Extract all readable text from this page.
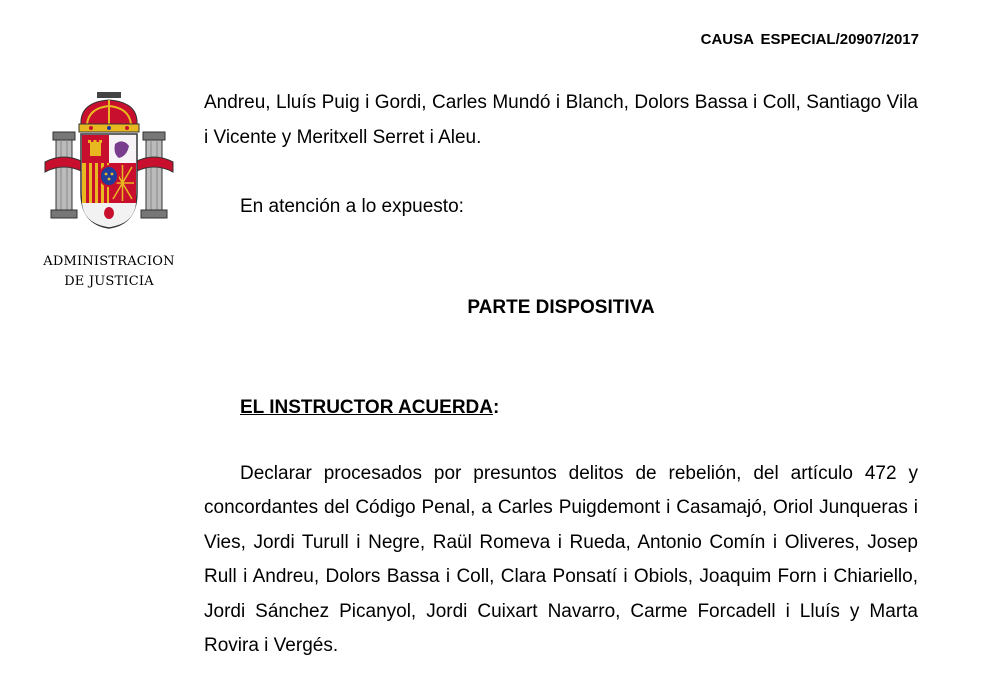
CAUSA ESPECIAL/20907/2017
ADMINISTRACION
DE JUSTICIA

Andreu, Lluís Puig i Gordi, Carles Mundó i Blanch, Dolors Bassa i Coll, Santiago Vila i Vicente y Meritxell Serret i Aleu.

En atención a lo expuesto:

PARTE DISPOSITIVA

EL INSTRUCTOR ACUERDA:

Declarar procesados por presuntos delitos de rebelión, del artículo 472 y concordantes del Código Penal, a Carles Puigdemont i Casamajó, Oriol Junqueras i Vies, Jordi Turull i Negre, Raül Romeva i Rueda, Antonio Comín i Oliveres, Josep Rull i Andreu, Dolors Bassa i Coll, Clara Ponsatí i Obiols, Joaquim Forn i Chiariello, Jordi Sánchez Picanyol, Jordi Cuixart Navarro, Carme Forcadell i Lluís y Marta Rovira i Vergés.
